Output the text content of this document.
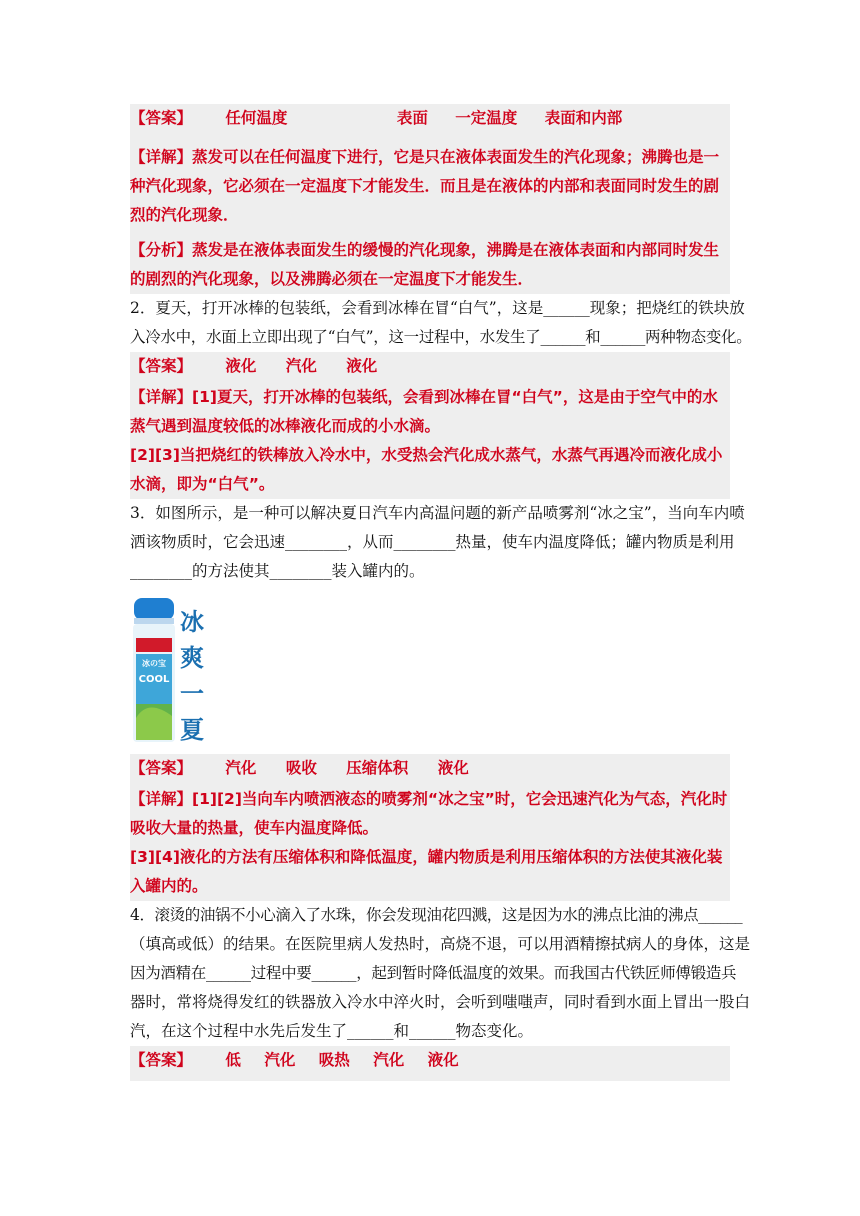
【答案】 任何温度	表面 一定温度 表面和内部
【详解】蒸发可以在任何温度下进行，它是只在液体表面发生的汽化现象；沸腾也是一
种汽化现象，它必须在一定温度下才能发生．而且是在液体的内部和表面同时发生的剧
烈的汽化现象．
【分析】蒸发是在液体表面发生的缓慢的汽化现象，沸腾是在液体表面和内部同时发生
的剧烈的汽化现象，以及沸腾必须在一定温度下才能发生．
2．夏天，打开冰棒的包装纸，会看到冰棒在冒“白气”，这是______现象；把烧红的铁块放
入冷水中，水面上立即出现了“白气”，这一过程中，水发生了______和______两种物态变化。
【答案】 液化 汽化 液化
【详解】[1]夏天，打开冰棒的包装纸，会看到冰棒在冒“白气”，这是由于空气中的水
蒸气遇到温度较低的冰棒液化而成的小水滴。
[2][3]当把烧红的铁棒放入冷水中，水受热会汽化成水蒸气，水蒸气再遇冷而液化成小
水滴，即为“白气”。
3．如图所示，是一种可以解决夏日汽车内高温问题的新产品喷雾剂“冰之宝”，当向车内喷
洒该物质时，它会迅速________，从而________热量，使车内温度降低；罐内物质是利用
________的方法使其________装入罐内的。
冰の宝
COOL
冰
爽
一
夏
【答案】 汽化 吸收 压缩体积 液化
【详解】[1][2]当向车内喷洒液态的喷雾剂“冰之宝”时，它会迅速汽化为气态，汽化时
吸收大量的热量，使车内温度降低。
[3][4]液化的方法有压缩体积和降低温度，罐内物质是利用压缩体积的方法使其液化装
入罐内的。
4．滚烫的油锅不小心滴入了水珠，你会发现油花四溅，这是因为水的沸点比油的沸点______
（填高或低）的结果。在医院里病人发热时，高烧不退，可以用酒精擦拭病人的身体，这是
因为酒精在______过程中要______，起到暂时降低温度的效果。而我国古代铁匠师傅锻造兵
器时，常将烧得发红的铁器放入冷水中淬火时，会听到嗤嗤声，同时看到水面上冒出一股白
汽，在这个过程中水先后发生了______和______物态变化。
【答案】 低 汽化 吸热 汽化 液化
